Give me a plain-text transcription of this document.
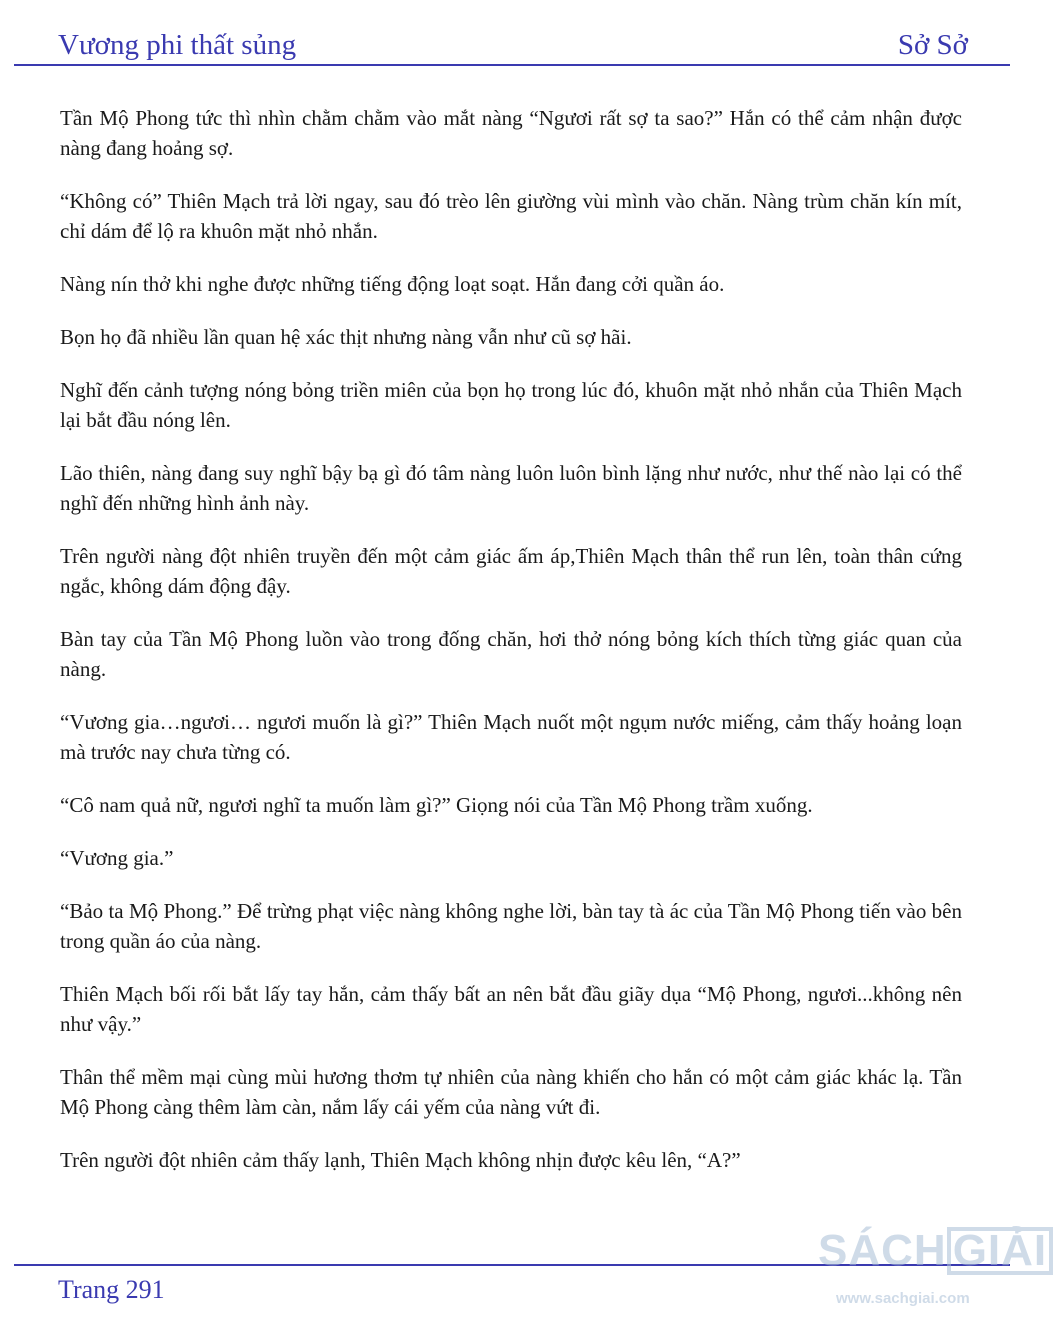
Vương phi thất sủng	Sở Sở

Tần Mộ Phong tức thì nhìn chằm chằm vào mắt nàng “Ngươi rất sợ ta sao?” Hắn có thể cảm nhận được nàng đang hoảng sợ.

“Không có” Thiên Mạch trả lời ngay, sau đó trèo lên giường vùi mình vào chăn. Nàng trùm chăn kín mít, chỉ dám để lộ ra khuôn mặt nhỏ nhắn.

Nàng nín thở khi nghe được những tiếng động loạt soạt. Hắn đang cởi quần áo.

Bọn họ đã nhiều lần quan hệ xác thịt nhưng nàng vẫn như cũ sợ hãi.

Nghĩ đến cảnh tượng nóng bỏng triền miên của bọn họ trong lúc đó, khuôn mặt nhỏ nhắn của Thiên Mạch lại bắt đầu nóng lên.

Lão thiên, nàng đang suy nghĩ bậy bạ gì đó tâm nàng luôn luôn bình lặng như nước, như thế nào lại có thể nghĩ đến những hình ảnh này.

Trên người nàng đột nhiên truyền đến một cảm giác ấm áp,Thiên Mạch thân thể run lên, toàn thân cứng ngắc, không dám động đậy.

Bàn tay của Tần Mộ Phong luồn vào trong đống chăn, hơi thở nóng bỏng kích thích từng giác quan của nàng.

“Vương gia…ngươi… ngươi muốn là gì?” Thiên Mạch nuốt một ngụm nước miếng, cảm thấy hoảng loạn mà trước nay chưa từng có.

“Cô nam quả nữ, ngươi nghĩ ta muốn làm gì?” Giọng nói của Tần Mộ Phong trầm xuống.

“Vương gia.”

“Bảo ta Mộ Phong.” Để trừng phạt việc nàng không nghe lời, bàn tay tà ác của Tần Mộ Phong tiến vào bên trong quần áo của nàng.

Thiên Mạch bối rối bắt lấy tay hắn, cảm thấy bất an nên bắt đầu giãy dụa “Mộ Phong, ngươi...không nên như vậy.”

Thân thể mềm mại cùng mùi hương thơm tự nhiên của nàng khiến cho hắn có một cảm giác khác lạ. Tần Mộ Phong càng thêm làm càn, nắm lấy cái yếm của nàng vứt đi.

Trên người đột nhiên cảm thấy lạnh, Thiên Mạch không nhịn được kêu lên, “A?”

Trang 291
SÁCH GIẢI
www.sachgiai.com
